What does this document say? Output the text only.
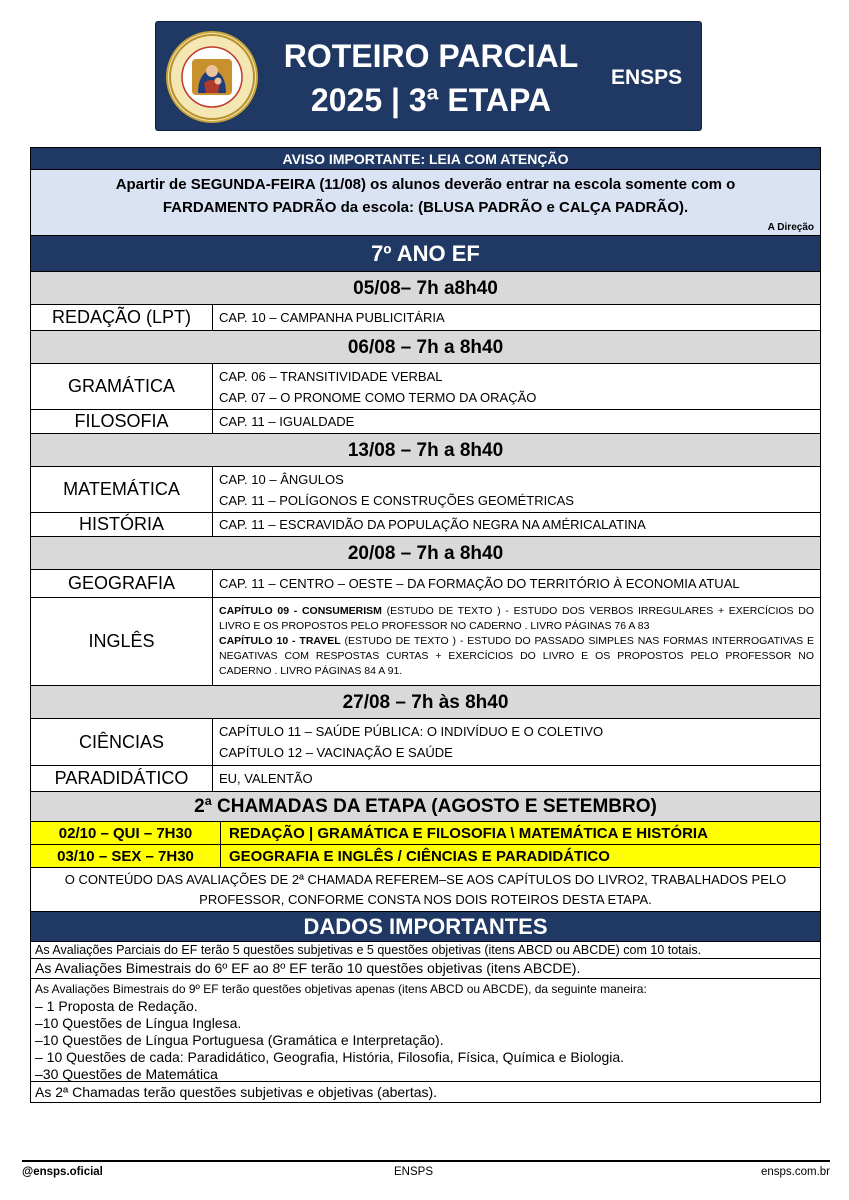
ROTEIRO PARCIAL
2025 | 3ª ETAPA
ENSPS
AVISO IMPORTANTE: LEIA COM ATENÇÃO
Apartir de SEGUNDA-FEIRA (11/08) os alunos deverão entrar na escola somente com o
FARDAMENTO PADRÃO da escola: (BLUSA PADRÃO e CALÇA PADRÃO).
A Direção
7º ANO EF
05/08– 7h a8h40
REDAÇÃO (LPT)	CAP. 10 – CAMPANHA PUBLICITÁRIA
06/08 – 7h a 8h40
GRAMÁTICA	CAP. 06 – TRANSITIVIDADE VERBAL
CAP. 07 – O PRONOME COMO TERMO DA ORAÇÃO
FILOSOFIA	CAP. 11 – IGUALDADE
13/08 – 7h a 8h40
MATEMÁTICA	CAP. 10 – ÂNGULOS
CAP. 11 – POLÍGONOS E CONSTRUÇÕES GEOMÉTRICAS
HISTÓRIA	CAP. 11 – ESCRAVIDÃO DA POPULAÇÃO NEGRA NA AMÉRICALATINA
20/08 – 7h a 8h40
GEOGRAFIA	CAP. 11 – CENTRO – OESTE – DA FORMAÇÃO DO TERRITÓRIO À ECONOMIA ATUAL
INGLÊS
CAPÍTULO 09 - CONSUMERISM (ESTUDO DE TEXTO ) - ESTUDO DOS VERBOS IRREGULARES + EXERCÍCIOS DO LIVRO E OS PROPOSTOS PELO PROFESSOR NO CADERNO . LIVRO PÁGINAS 76 A 83
CAPÍTULO 10 - TRAVEL (ESTUDO DE TEXTO ) - ESTUDO DO PASSADO SIMPLES NAS FORMAS INTERROGATIVAS E NEGATIVAS COM RESPOSTAS CURTAS + EXERCÍCIOS DO LIVRO E OS PROPOSTOS PELO PROFESSOR NO CADERNO . LIVRO PÁGINAS 84 A 91.
27/08 – 7h às 8h40
CIÊNCIAS	CAPÍTULO 11 – SAÚDE PÚBLICA: O INDIVÍDUO E O COLETIVO
CAPÍTULO 12 – VACINAÇÃO E SAÚDE
PARADIDÁTICO	EU, VALENTÃO
2ª CHAMADAS DA ETAPA (AGOSTO E SETEMBRO)
02/10 – QUI – 7H30	REDAÇÃO | GRAMÁTICA E FILOSOFIA \ MATEMÁTICA E HISTÓRIA
03/10 – SEX – 7H30	GEOGRAFIA E INGLÊS / CIÊNCIAS E PARADIDÁTICO
O CONTEÚDO DAS AVALIAÇÕES DE 2ª CHAMADA REFEREM–SE AOS CAPÍTULOS DO LIVRO2, TRABALHADOS PELO PROFESSOR, CONFORME CONSTA NOS DOIS ROTEIROS DESTA ETAPA.
DADOS IMPORTANTES
As Avaliações Parciais do EF terão 5 questões subjetivas e 5 questões objetivas (itens ABCD ou ABCDE) com 10 totais.
As Avaliações Bimestrais do 6º EF ao 8º EF terão 10 questões objetivas (itens ABCDE).
As Avaliações Bimestrais do 9º EF terão questões objetivas apenas (itens ABCD ou ABCDE), da seguinte maneira:
– 1 Proposta de Redação.
–10 Questões de Língua Inglesa.
–10 Questões de Língua Portuguesa (Gramática e Interpretação).
– 10 Questões de cada: Paradidático, Geografia, História, Filosofia, Física, Química e Biologia.
–30 Questões de Matemática
As 2ª Chamadas terão questões subjetivas e objetivas (abertas).
@ensps.oficial	ENSPS	ensps.com.br
